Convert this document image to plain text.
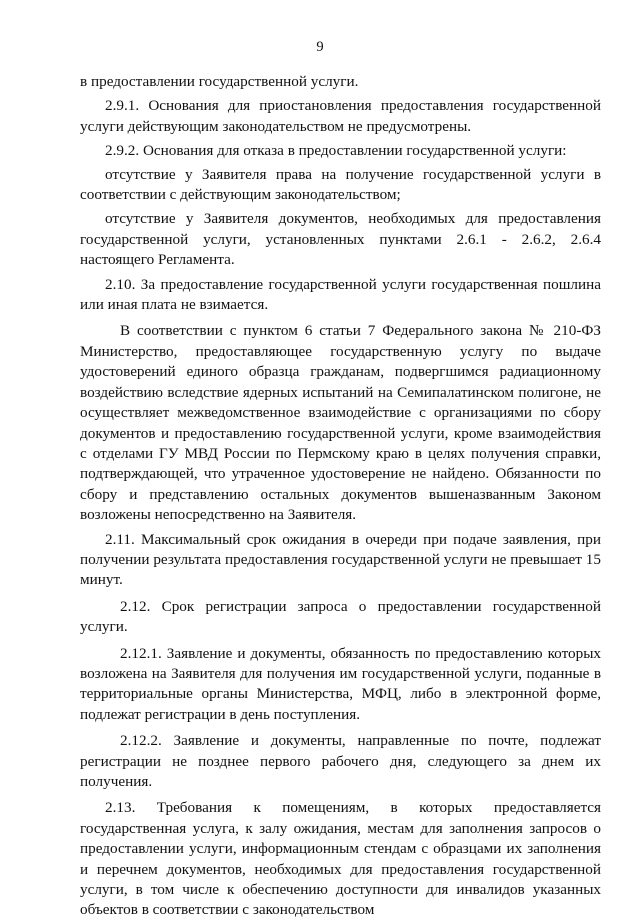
9

в предоставлении государственной услуги.

2.9.1. Основания для приостановления предоставления государственной услуги действующим законодательством не предусмотрены.

2.9.2. Основания для отказа в предоставлении государственной услуги:

отсутствие у Заявителя права на получение государственной услуги в соответствии с действующим законодательством;

отсутствие у Заявителя документов, необходимых для предоставления государственной услуги, установленных пунктами 2.6.1 - 2.6.2, 2.6.4 настоящего Регламента.

2.10. За предоставление государственной услуги государственная пошлина или иная плата не взимается.

В соответствии с пунктом 6 статьи 7 Федерального закона № 210-ФЗ Министерство, предоставляющее государственную услугу по выдаче удостоверений единого образца гражданам, подвергшимся радиационному воздействию вследствие ядерных испытаний на Семипалатинском полигоне, не осуществляет межведомственное взаимодействие с организациями по сбору документов и предоставлению государственной услуги, кроме взаимодействия с отделами ГУ МВД России по Пермскому краю в целях получения справки, подтверждающей, что утраченное удостоверение не найдено. Обязанности по сбору и представлению остальных документов вышеназванным Законом возложены непосредственно на Заявителя.

2.11. Максимальный срок ожидания в очереди при подаче заявления, при получении результата предоставления государственной услуги не превышает 15 минут.

2.12. Срок регистрации запроса о предоставлении государственной услуги.

2.12.1. Заявление и документы, обязанность по предоставлению которых возложена на Заявителя для получения им государственной услуги, поданные в территориальные органы Министерства, МФЦ, либо в электронной форме, подлежат регистрации в день поступления.

2.12.2. Заявление и документы, направленные по почте, подлежат регистрации не позднее первого рабочего дня, следующего за днем их получения.

2.13. Требования к помещениям, в которых предоставляется государственная услуга, к залу ожидания, местам для заполнения запросов о предоставлении услуги, информационным стендам с образцами их заполнения и перечнем документов, необходимых для предоставления государственной услуги, в том числе к обеспечению доступности для инвалидов указанных объектов в соответствии с законодательством
